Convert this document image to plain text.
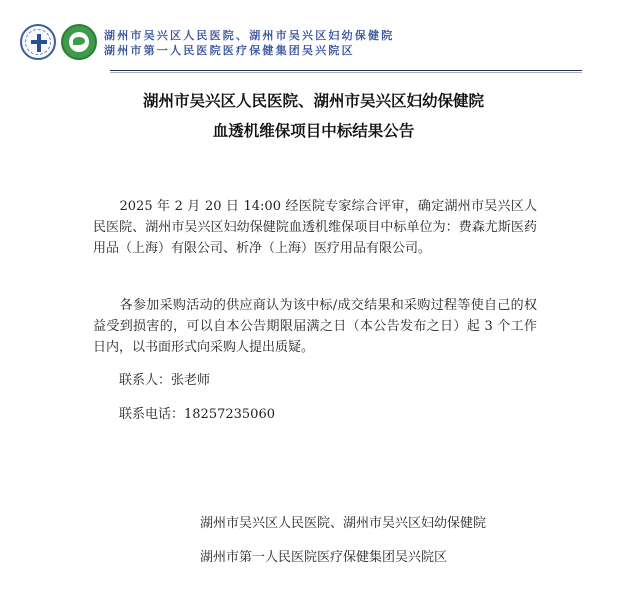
湖州市吴兴区人民医院、湖州市吴兴区妇幼保健院
湖州市第一人民医院医疗保健集团吴兴院区
湖州市吴兴区人民医院、湖州市吴兴区妇幼保健院
血透机维保项目中标结果公告
　　2025 年 2 月 20 日 14:00 经医院专家综合评审，确定湖州市吴兴区人民医院、湖州市吴兴区妇幼保健院血透机维保项目中标单位为：费森尤斯医药用品（上海）有限公司、析净（上海）医疗用品有限公司。
　　各参加采购活动的供应商认为该中标/成交结果和采购过程等使自己的权益受到损害的，可以自本公告期限届满之日（本公告发布之日）起 3 个工作日内，以书面形式向采购人提出质疑。
　　联系人：张老师
　　联系电话：18257235060
湖州市吴兴区人民医院、湖州市吴兴区妇幼保健院
湖州市第一人民医院医疗保健集团吴兴院区
